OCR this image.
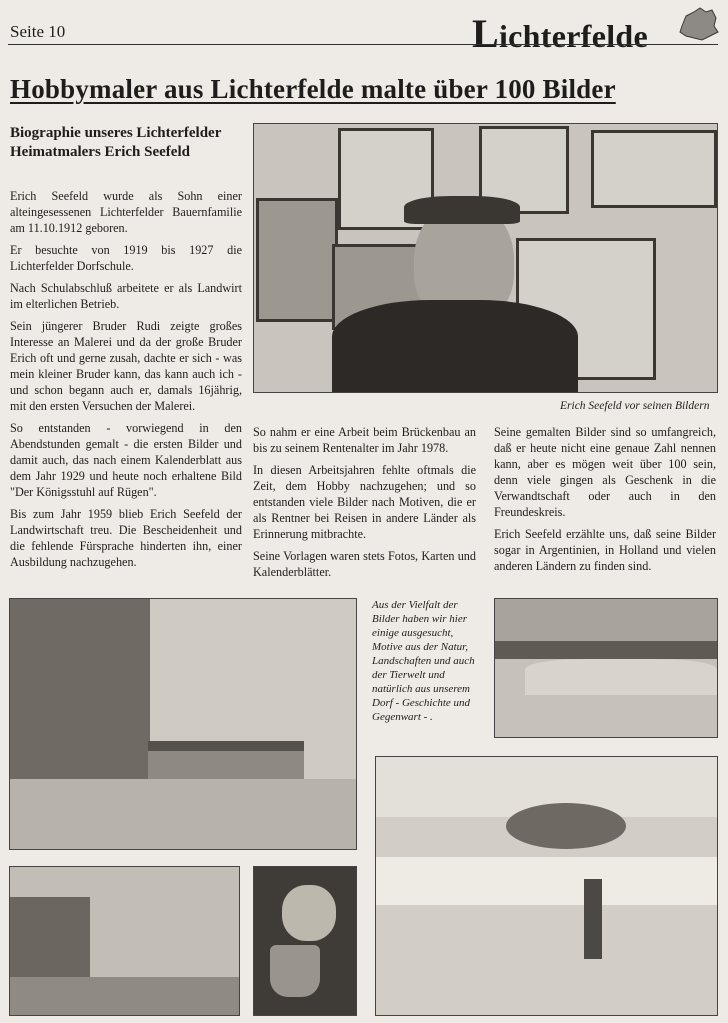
Seite 10	Lichterfelde
Hobbymaler aus Lichterfelde malte über 100 Bilder
Biographie unseres Lichterfelder Heimatmalers Erich Seefeld

Erich Seefeld wurde als Sohn einer alteingesessenen Lichterfelder Bauernfamilie am 11.10.1912 geboren.

Er besuchte von 1919 bis 1927 die Lichterfelder Dorfschule.

Nach Schulabschluß arbeitete er als Landwirt im elterlichen Betrieb.

Sein jüngerer Bruder Rudi zeigte großes Interesse an Malerei und da der große Bruder Erich oft und gerne zusah, dachte er sich - was mein kleiner Bruder kann, das kann auch ich - und schon begann auch er, damals 16jährig, mit den ersten Versuchen der Malerei.

So entstanden - vorwiegend in den Abendstunden gemalt - die ersten Bilder und damit auch, das nach einem Kalenderblatt aus dem Jahr 1929 und heute noch erhaltene Bild "Der Königsstuhl auf Rügen".

Bis zum Jahr 1959 blieb Erich Seefeld der Landwirtschaft treu. Die Bescheidenheit und die fehlende Fürsprache hinderten ihn, einer Ausbildung nachzugehen.

Erich Seefeld vor seinen Bildern

So nahm er eine Arbeit beim Brückenbau an bis zu seinem Rentenalter im Jahr 1978.

In diesen Arbeitsjahren fehlte oftmals die Zeit, dem Hobby nachzugehen; und so entstanden viele Bilder nach Motiven, die er als Rentner bei Reisen in andere Länder als Erinnerung mitbrachte.

Seine Vorlagen waren stets Fotos, Karten und Kalenderblätter.

Seine gemalten Bilder sind so umfangreich, daß er heute nicht eine genaue Zahl nennen kann, aber es mögen weit über 100 sein, denn viele gingen als Geschenk in die Verwandtschaft oder auch in den Freundeskreis.

Erich Seefeld erzählte uns, daß seine Bilder sogar in Argentinien, in Holland und vielen anderen Ländern zu finden sind.

Aus der Vielfalt der Bilder haben wir hier einige ausgesucht, Motive aus der Natur, Landschaften und auch der Tierwelt und natürlich aus unserem Dorf - Geschichte und Gegenwart - .
